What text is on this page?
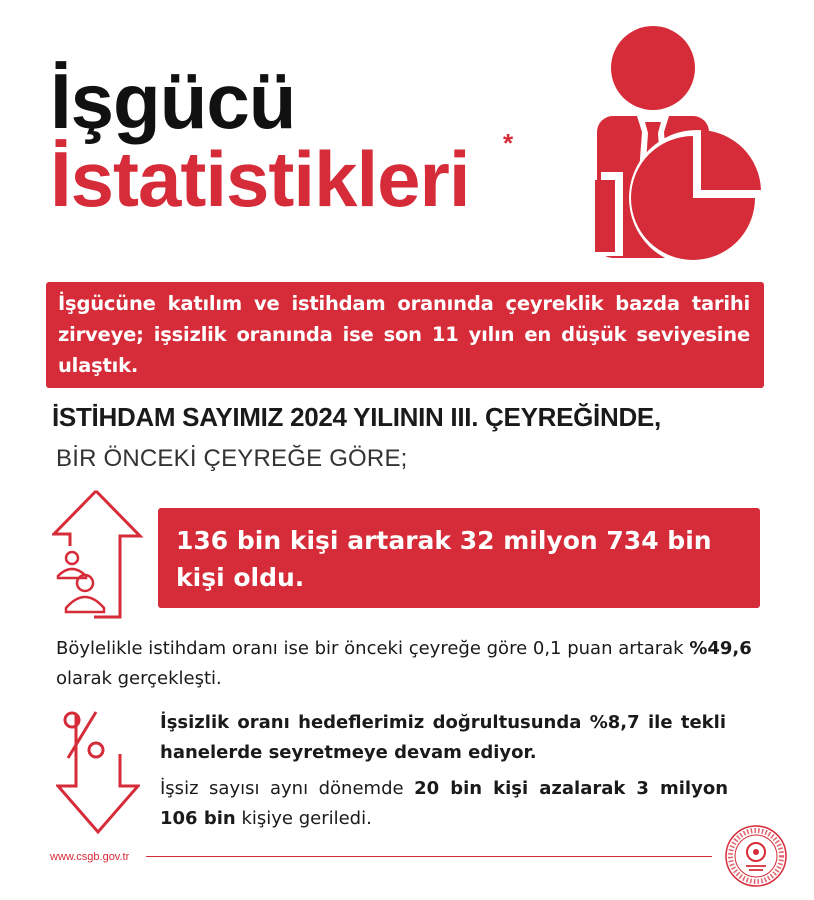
İşgücü
İstatistikleri *
İşgücüne katılım ve istihdam oranında çeyreklik bazda tarihi zirveye; işsizlik oranında ise son 11 yılın en düşük seviyesine ulaştık.
İSTİHDAM SAYIMIZ 2024 YILININ III. ÇEYREĞİNDE,
BİR ÖNCEKİ ÇEYREĞE GÖRE;
136 bin kişi artarak 32 milyon 734 bin kişi oldu.
Böylelikle istihdam oranı ise bir önceki çeyreğe göre 0,1 puan artarak %49,6 olarak gerçekleşti.
İşsizlik oranı hedeflerimiz doğrultusunda %8,7 ile tekli hanelerde seyretmeye devam ediyor.
İşsiz sayısı aynı dönemde 20 bin kişi azalarak 3 milyon 106 bin kişiye geriledi.
www.csgb.gov.tr
